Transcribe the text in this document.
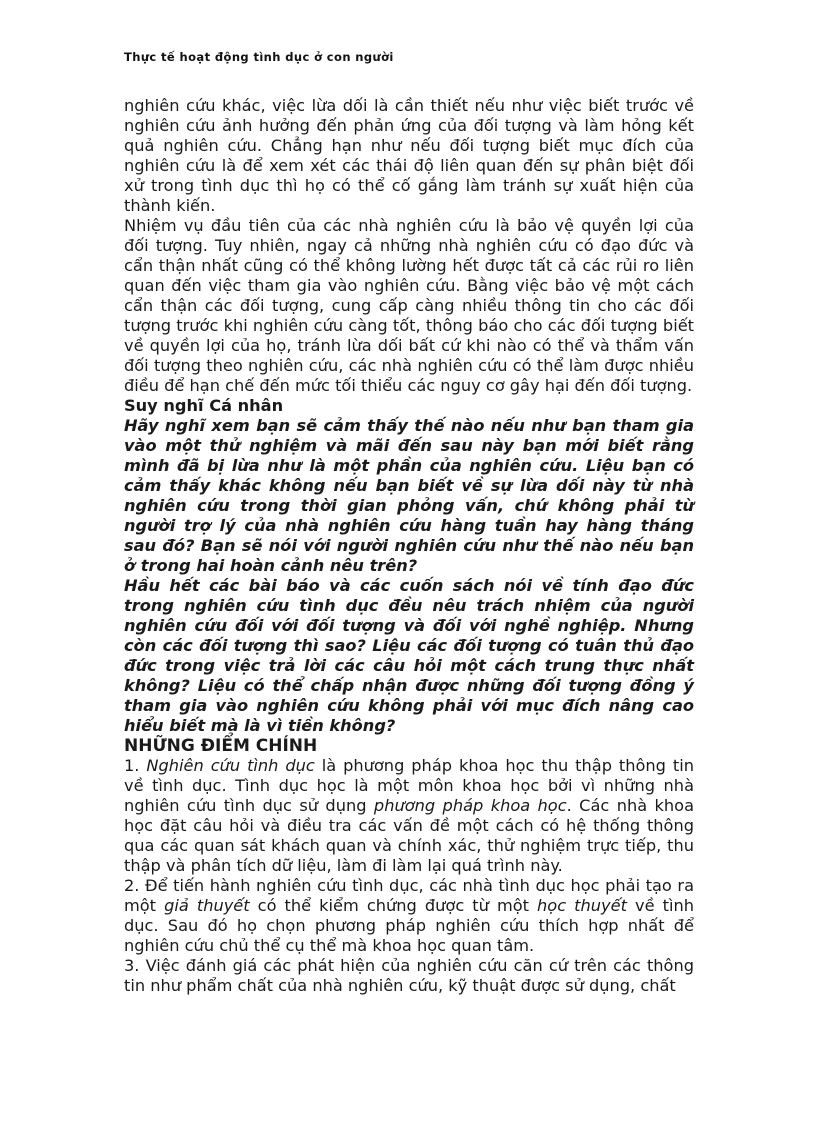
Thực tế hoạt động tình dục ở con người

nghiên cứu khác, việc lừa dối là cần thiết nếu như việc biết trước về nghiên cứu ảnh hưởng đến phản ứng của đối tượng và làm hỏng kết quả nghiên cứu. Chẳng hạn như nếu đối tượng biết mục đích của nghiên cứu là để xem xét các thái độ liên quan đến sự phân biệt đối xử trong tình dục thì họ có thể cố gắng làm tránh sự xuất hiện của thành kiến.

Nhiệm vụ đầu tiên của các nhà nghiên cứu là bảo vệ quyền lợi của đối tượng. Tuy nhiên, ngay cả những nhà nghiên cứu có đạo đức và cẩn thận nhất cũng có thể không lường hết được tất cả các rủi ro liên quan đến việc tham gia vào nghiên cứu. Bằng việc bảo vệ một cách cẩn thận các đối tượng, cung cấp càng nhiều thông tin cho các đối tượng trước khi nghiên cứu càng tốt, thông báo cho các đối tượng biết về quyền lợi của họ, tránh lừa dối bất cứ khi nào có thể và thẩm vấn đối tượng theo nghiên cứu, các nhà nghiên cứu có thể làm được nhiều điều để hạn chế đến mức tối thiểu các nguy cơ gây hại đến đối tượng.

Suy nghĩ Cá nhân

Hãy nghĩ xem bạn sẽ cảm thấy thế nào nếu như bạn tham gia vào một thử nghiệm và mãi đến sau này bạn mới biết rằng mình đã bị lừa như là một phần của nghiên cứu. Liệu bạn có cảm thấy khác không nếu bạn biết về sự lừa dối này từ nhà nghiên cứu trong thời gian phỏng vấn, chứ không phải từ người trợ lý của nhà nghiên cứu hàng tuần hay hàng tháng sau đó? Bạn sẽ nói với người nghiên cứu như thế nào nếu bạn ở trong hai hoàn cảnh nêu trên?

Hầu hết các bài báo và các cuốn sách nói về tính đạo đức trong nghiên cứu tình dục đều nêu trách nhiệm của người nghiên cứu đối với đối tượng và đối với nghề nghiệp. Nhưng còn các đối tượng thì sao? Liệu các đối tượng có tuân thủ đạo đức trong việc trả lời các câu hỏi một cách trung thực nhất không? Liệu có thể chấp nhận được những đối tượng đồng ý tham gia vào nghiên cứu không phải với mục đích nâng cao hiểu biết mà là vì tiền không?

NHỮNG ĐIỂM CHÍNH

1. Nghiên cứu tình dục là phương pháp khoa học thu thập thông tin về tình dục. Tình dục học là một môn khoa học bởi vì những nhà nghiên cứu tình dục sử dụng phương pháp khoa học. Các nhà khoa học đặt câu hỏi và điều tra các vấn đề một cách có hệ thống thông qua các quan sát khách quan và chính xác, thử nghiệm trực tiếp, thu thập và phân tích dữ liệu, làm đi làm lại quá trình này.

2. Để tiến hành nghiên cứu tình dục, các nhà tình dục học phải tạo ra một giả thuyết có thể kiểm chứng được từ một học thuyết về tình dục. Sau đó họ chọn phương pháp nghiên cứu thích hợp nhất để nghiên cứu chủ thể cụ thể mà khoa học quan tâm.

3. Việc đánh giá các phát hiện của nghiên cứu căn cứ trên các thông tin như phẩm chất của nhà nghiên cứu, kỹ thuật được sử dụng, chất
